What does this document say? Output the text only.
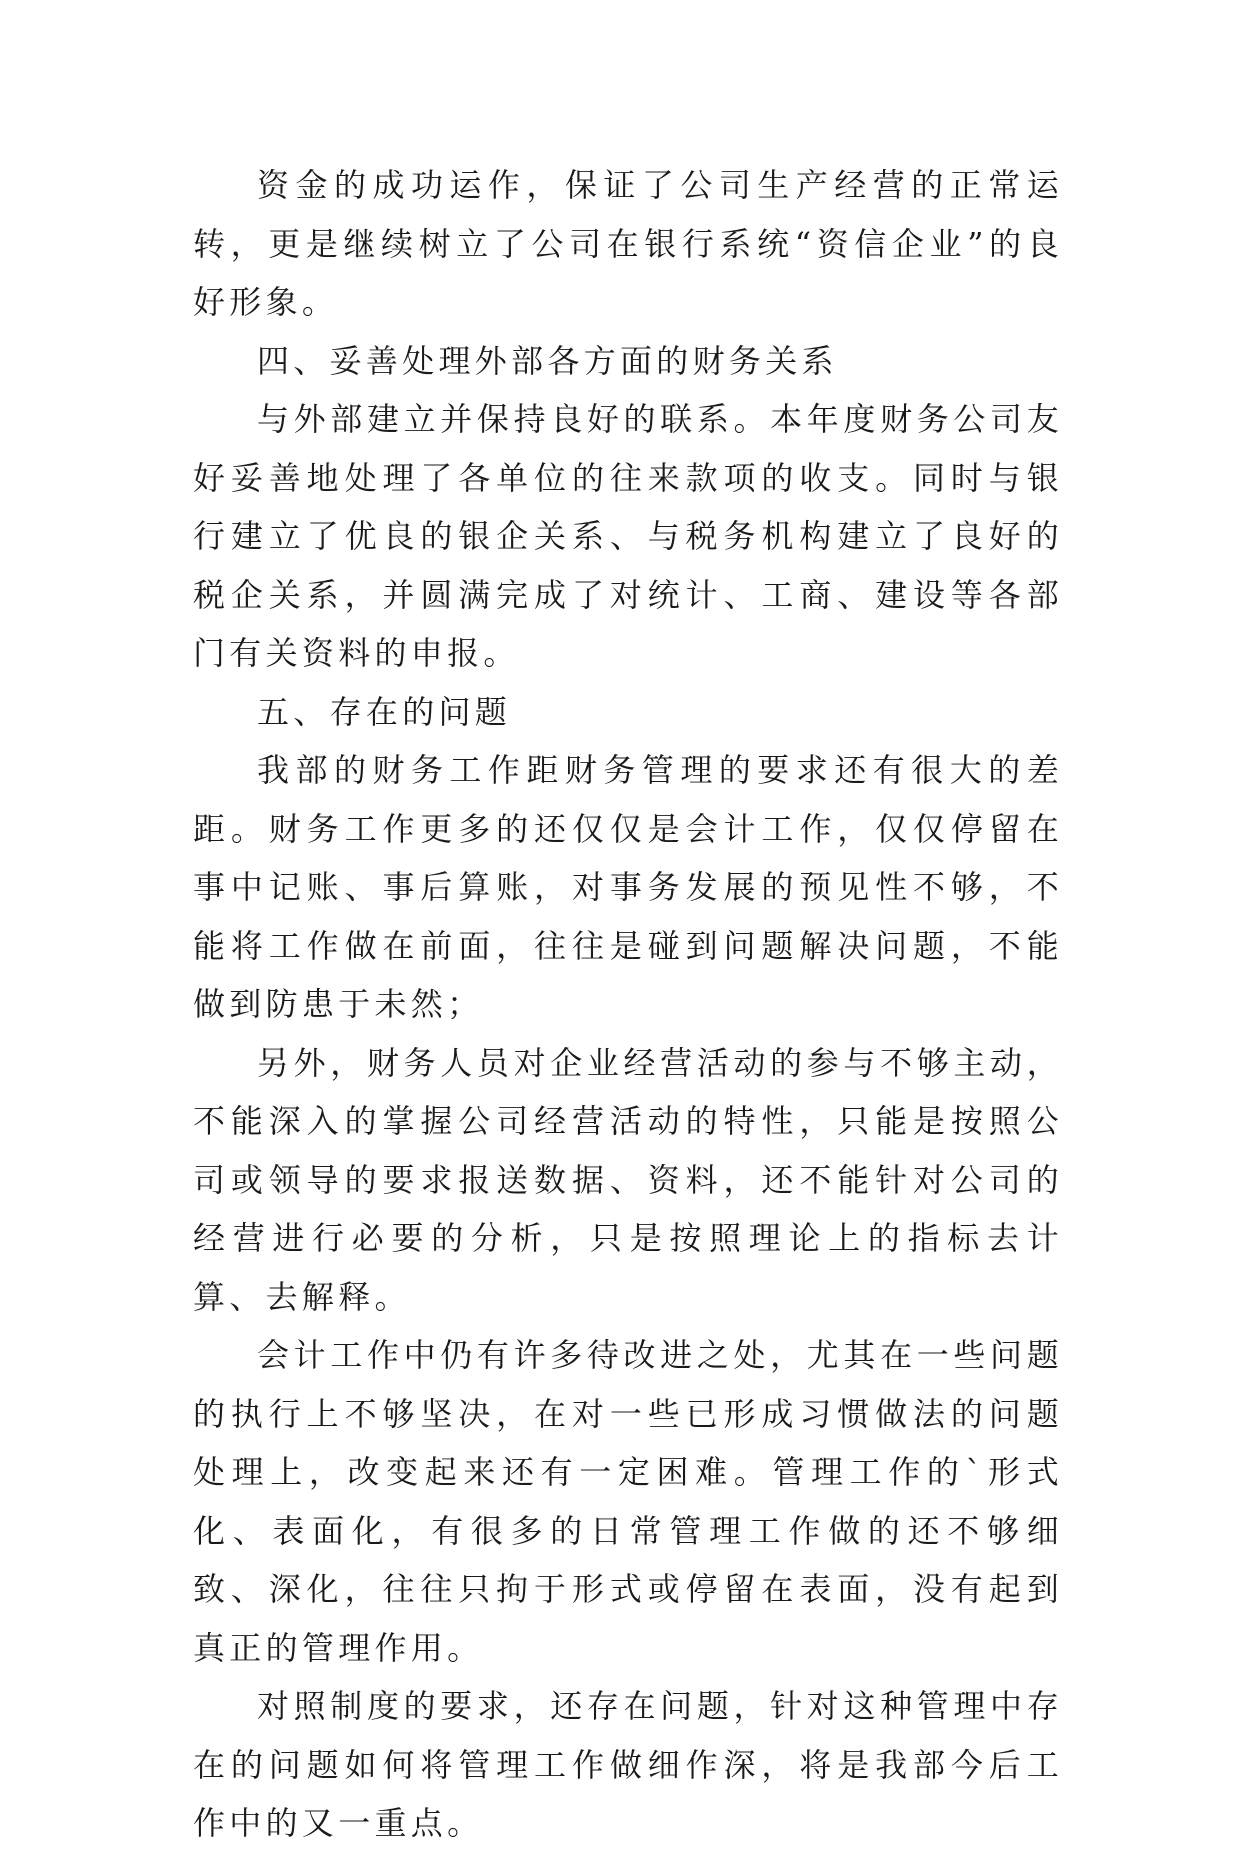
资金的成功运作，保证了公司生产经营的正常运转，更是继续树立了公司在银行系统“资信企业”的良好形象。

四、妥善处理外部各方面的财务关系

与外部建立并保持良好的联系。本年度财务公司友好妥善地处理了各单位的往来款项的收支。同时与银行建立了优良的银企关系、与税务机构建立了良好的税企关系，并圆满完成了对统计、工商、建设等各部门有关资料的申报。

五、存在的问题

我部的财务工作距财务管理的要求还有很大的差距。财务工作更多的还仅仅是会计工作，仅仅停留在事中记账、事后算账，对事务发展的预见性不够，不能将工作做在前面，往往是碰到问题解决问题，不能做到防患于未然；

另外，财务人员对企业经营活动的参与不够主动，不能深入的掌握公司经营活动的特性，只能是按照公司或领导的要求报送数据、资料，还不能针对公司的经营进行必要的分析，只是按照理论上的指标去计算、去解释。

会计工作中仍有许多待改进之处，尤其在一些问题的执行上不够坚决，在对一些已形成习惯做法的问题处理上，改变起来还有一定困难。管理工作的`形式化、表面化，有很多的日常管理工作做的还不够细致、深化，往往只拘于形式或停留在表面，没有起到真正的管理作用。

对照制度的要求，还存在问题，针对这种管理中存在的问题如何将管理工作做细作深，将是我部今后工作中的又一重点。
